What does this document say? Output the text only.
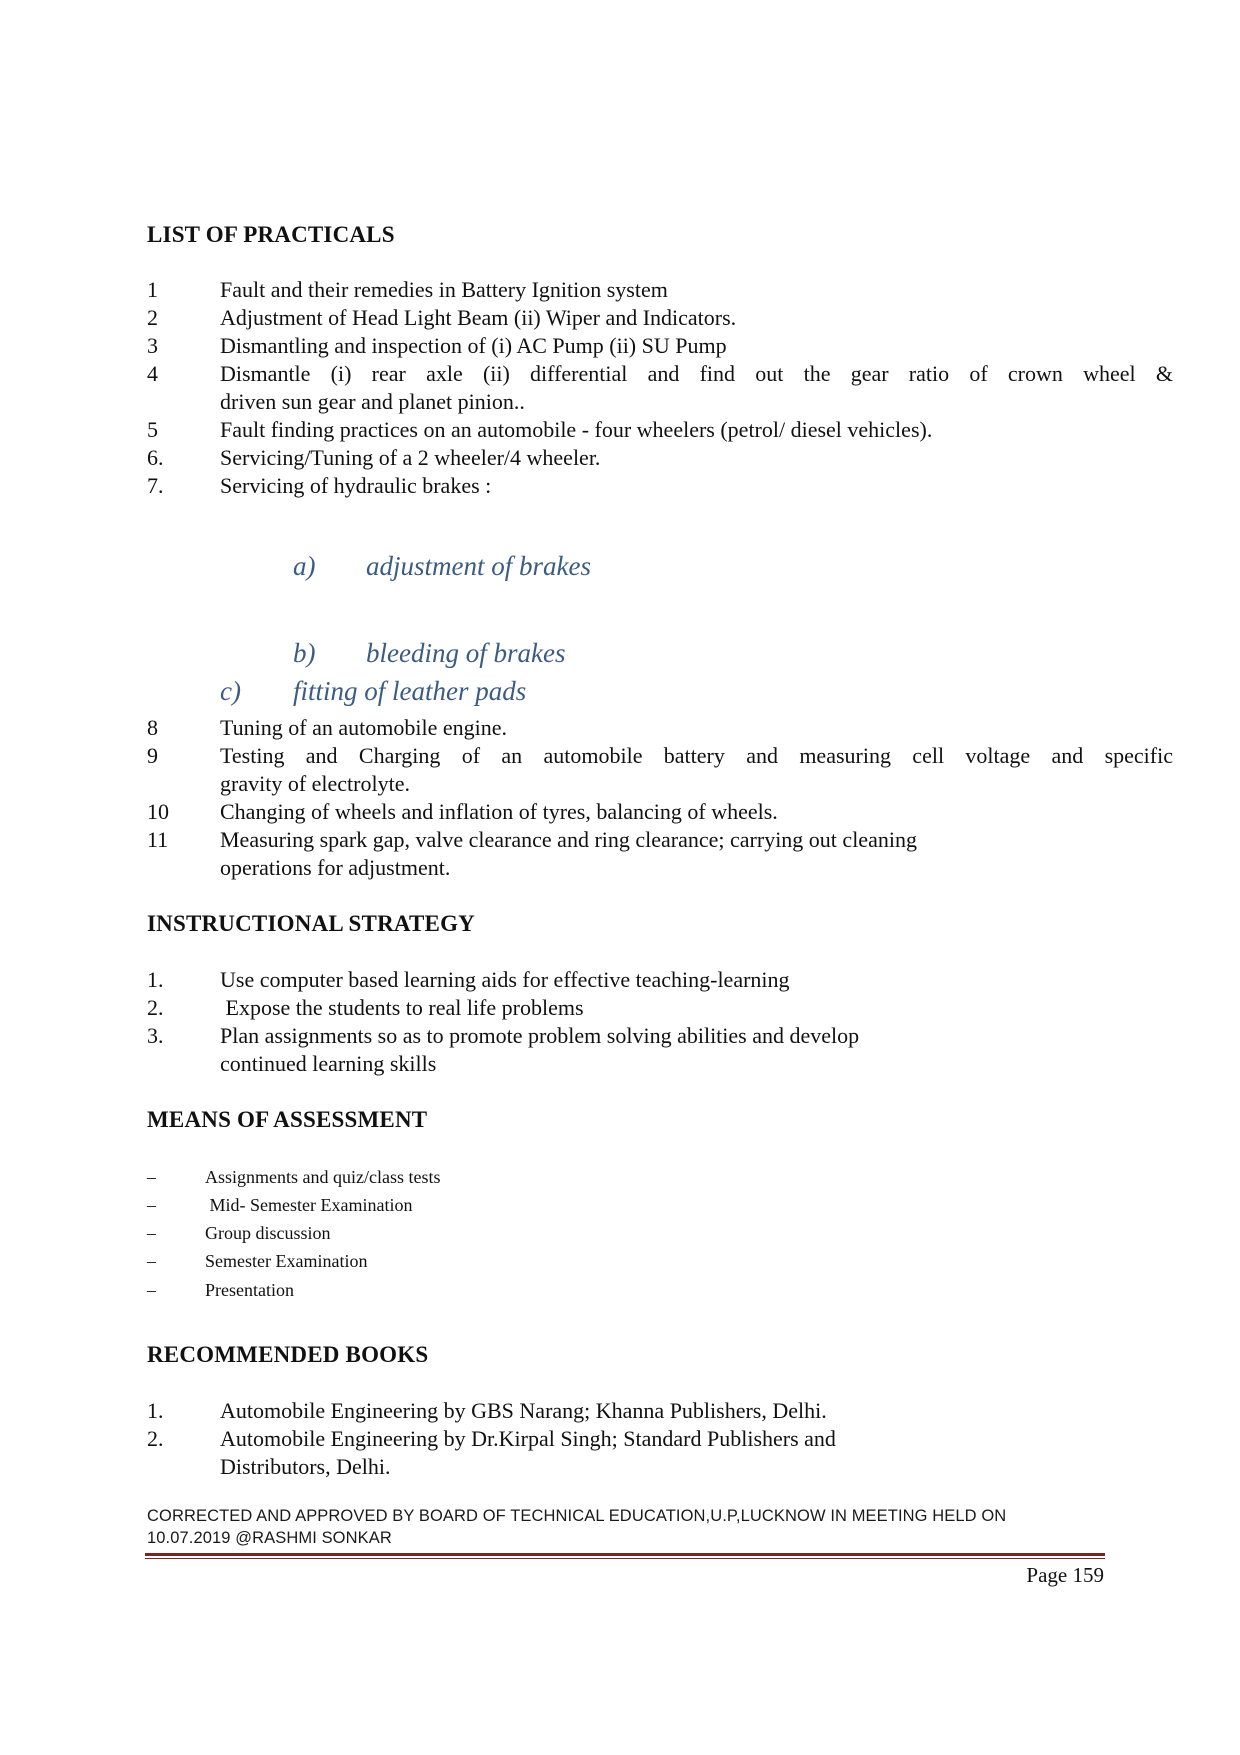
LIST OF PRACTICALS
1	Fault and their remedies in Battery Ignition system
2	Adjustment of Head Light Beam (ii) Wiper and Indicators.
3	Dismantling and inspection of (i) AC Pump (ii) SU Pump
4	Dismantle (i) rear axle (ii) differential and find out the gear ratio of crown wheel &
driven sun gear and planet pinion..
5	Fault finding practices on an automobile - four wheelers (petrol/ diesel vehicles).
6.	Servicing/Tuning of a 2 wheeler/4 wheeler.
7.	Servicing of hydraulic brakes :
a) adjustment of brakes
b) bleeding of brakes
c) fitting of leather pads
8	Tuning of an automobile engine.
9	Testing and Charging of an automobile battery and measuring cell voltage and specific
gravity of electrolyte.
10 Changing of wheels and inflation of tyres, balancing of wheels.
11 Measuring spark gap, valve clearance and ring clearance; carrying out cleaning
operations for adjustment.
INSTRUCTIONAL STRATEGY
1.	Use computer based learning aids for effective teaching-learning
2.	Expose the students to real life problems
3.	Plan assignments so as to promote problem solving abilities and develop
continued learning skills
MEANS OF ASSESSMENT
–	Assignments and quiz/class tests
–	Mid- Semester Examination
–	Group discussion
–	Semester Examination
–	Presentation
RECOMMENDED BOOKS
1.	Automobile Engineering by GBS Narang; Khanna Publishers, Delhi.
2.	Automobile Engineering by Dr.Kirpal Singh; Standard Publishers and
Distributors, Delhi.
CORRECTED AND APPROVED BY BOARD OF TECHNICAL EDUCATION,U.P,LUCKNOW IN MEETING HELD ON
10.07.2019 @RASHMI SONKAR
Page 159
